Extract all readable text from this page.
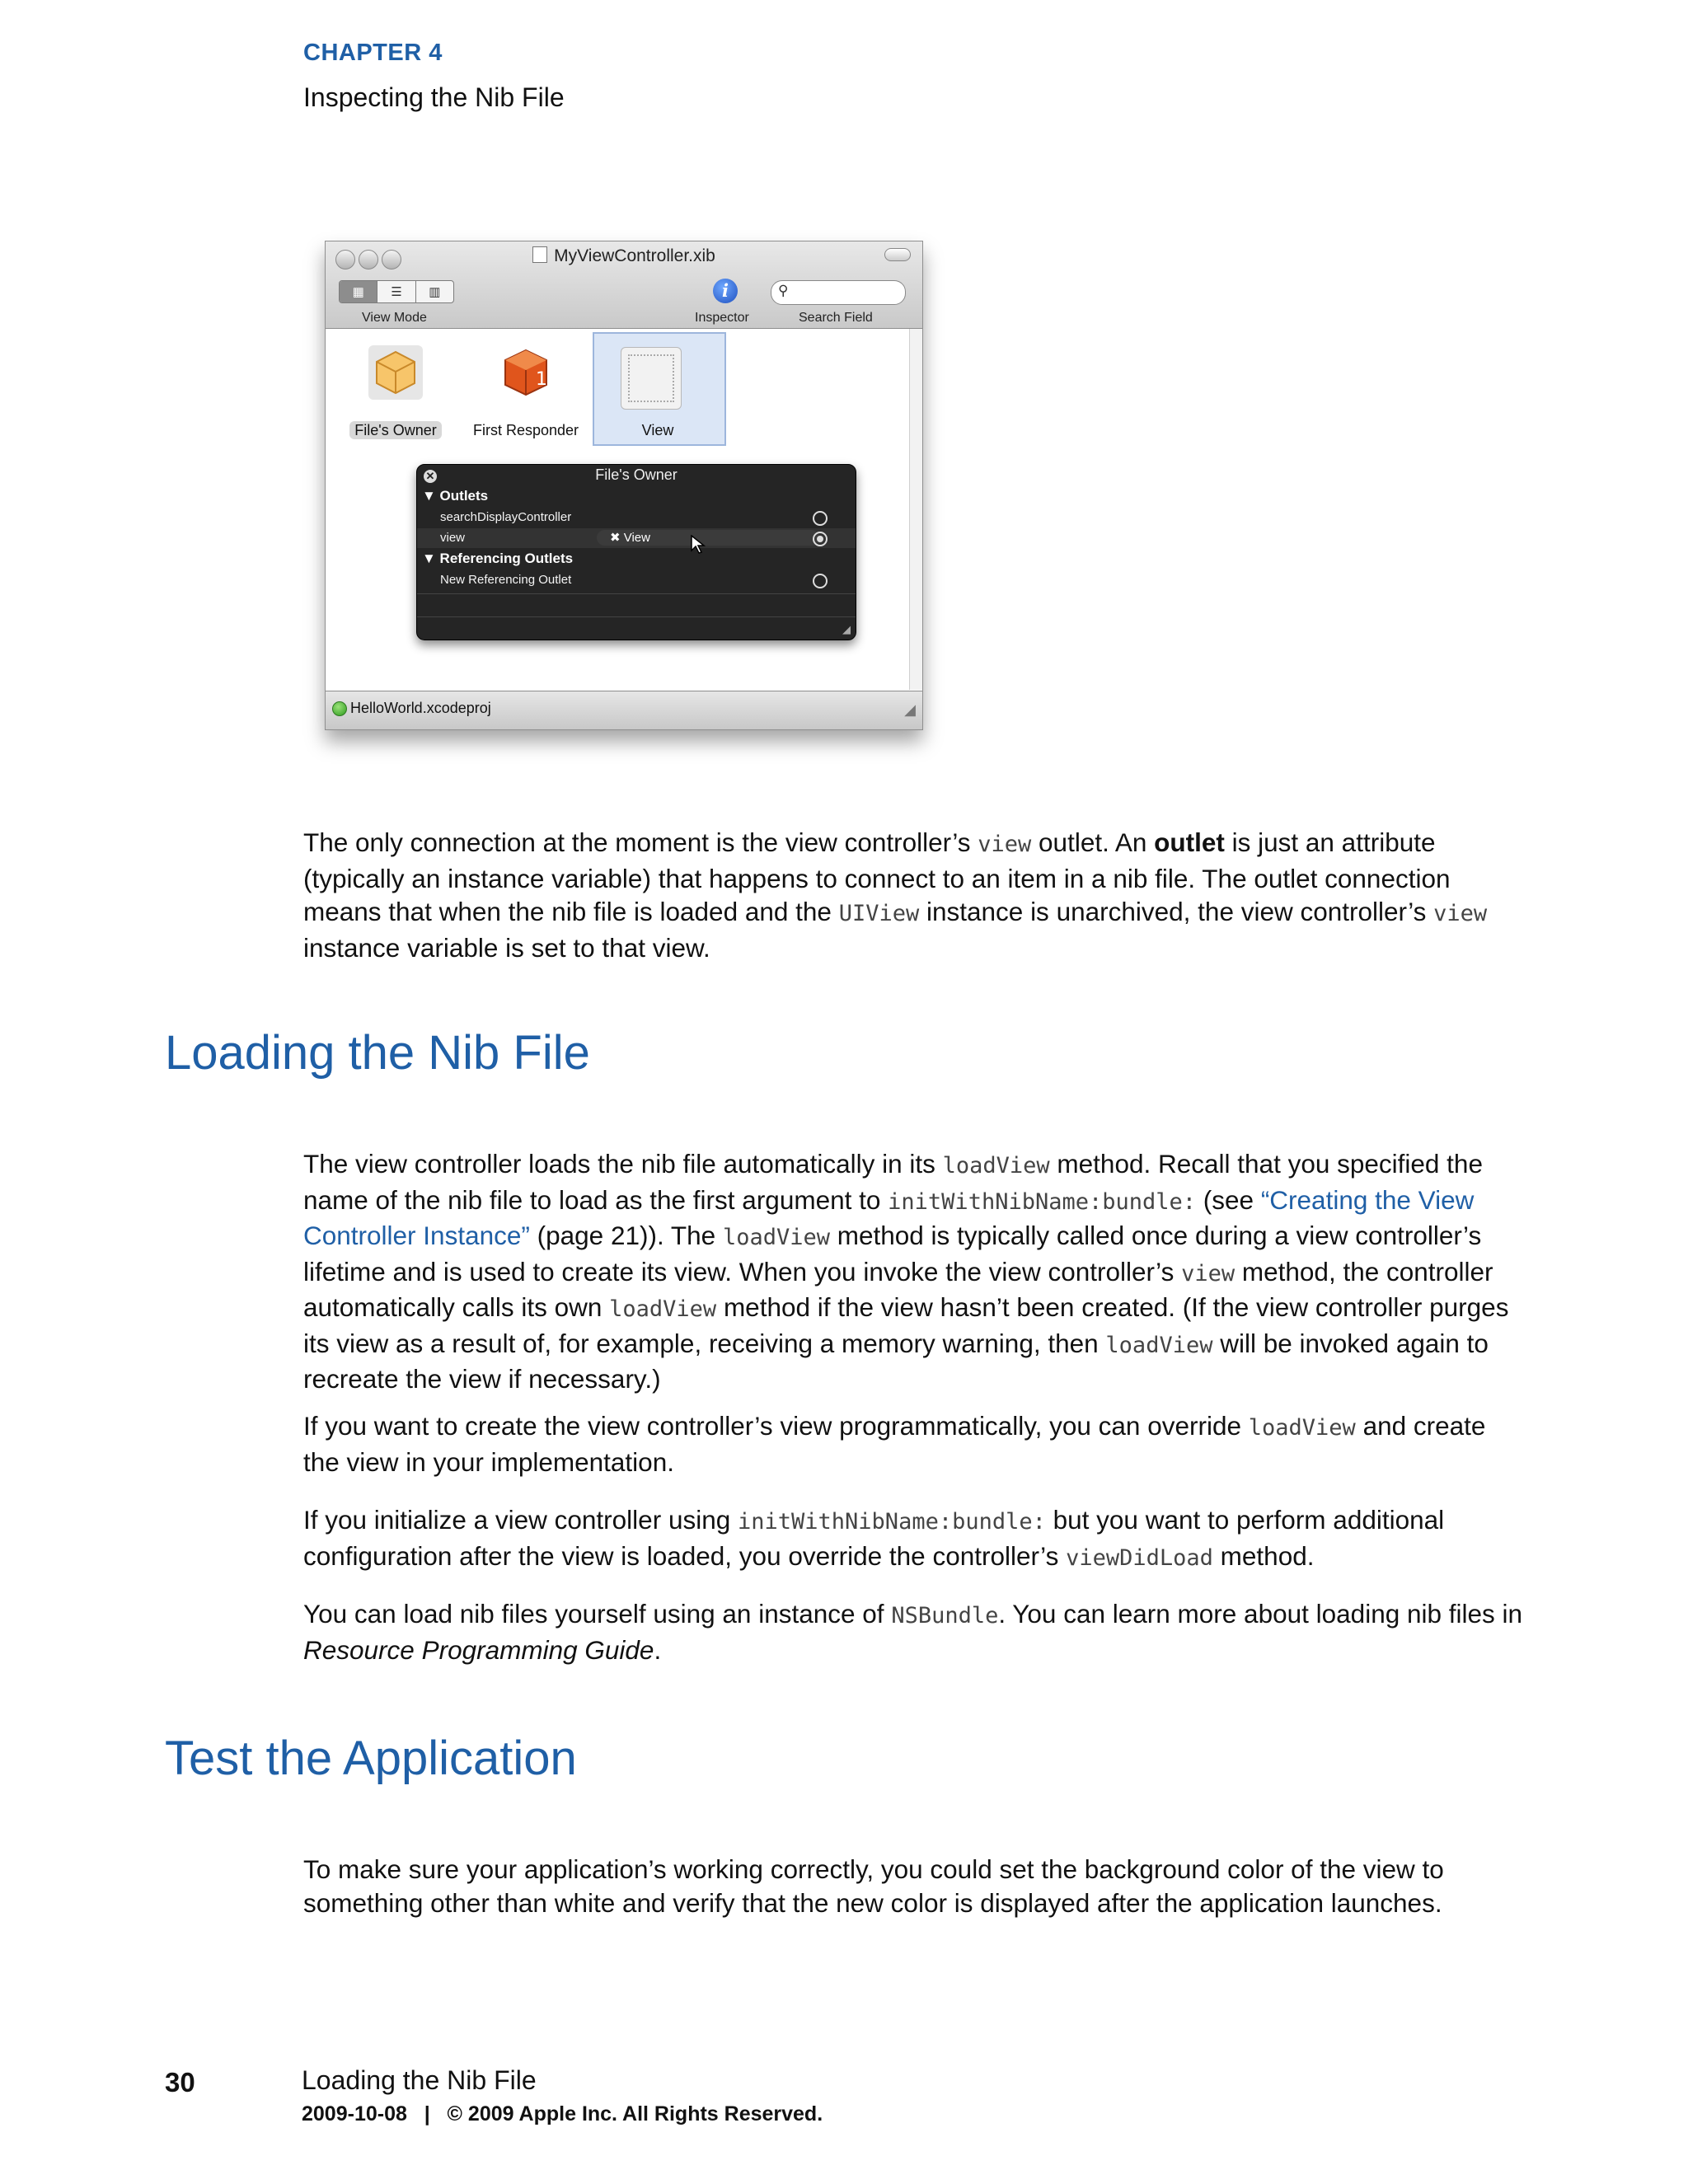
CHAPTER 4
Inspecting the Nib File
MyViewController.xib
▦	☰	▥
View Mode
i
Inspector
⚲
Search Field
File's Owner
1
First Responder	View
✕	File's Owner
▼ Outlets
searchDisplayController
view	✖ View
▼ Referencing Outlets
New Referencing Outlet
◢
HelloWorld.xcodeproj	◢

The only connection at the moment is the view controller’s view outlet. An outlet is just an attribute (typically an instance variable) that happens to connect to an item in a nib file. The outlet connection means that when the nib file is loaded and the UIView instance is unarchived, the view controller’s view instance variable is set to that view.

Loading the Nib File

The view controller loads the nib file automatically in its loadView method. Recall that you specified the name of the nib file to load as the first argument to initWithNibName:bundle: (see “Creating the View Controller Instance” (page 21)). The loadView method is typically called once during a view controller’s lifetime and is used to create its view. When you invoke the view controller’s view method, the controller automatically calls its own loadView method if the view hasn’t been created. (If the view controller purges its view as a result of, for example, receiving a memory warning, then loadView will be invoked again to recreate the view if necessary.)

If you want to create the view controller’s view programmatically, you can override loadView and create the view in your implementation.

If you initialize a view controller using initWithNibName:bundle: but you want to perform additional configuration after the view is loaded, you override the controller’s viewDidLoad method.

You can load nib files yourself using an instance of NSBundle. You can learn more about loading nib files in Resource Programming Guide.

Test the Application

To make sure your application’s working correctly, you could set the background color of the view to something other than white and verify that the new color is displayed after the application launches.

30	Loading the Nib File
2009-10-08   |   © 2009 Apple Inc. All Rights Reserved.
